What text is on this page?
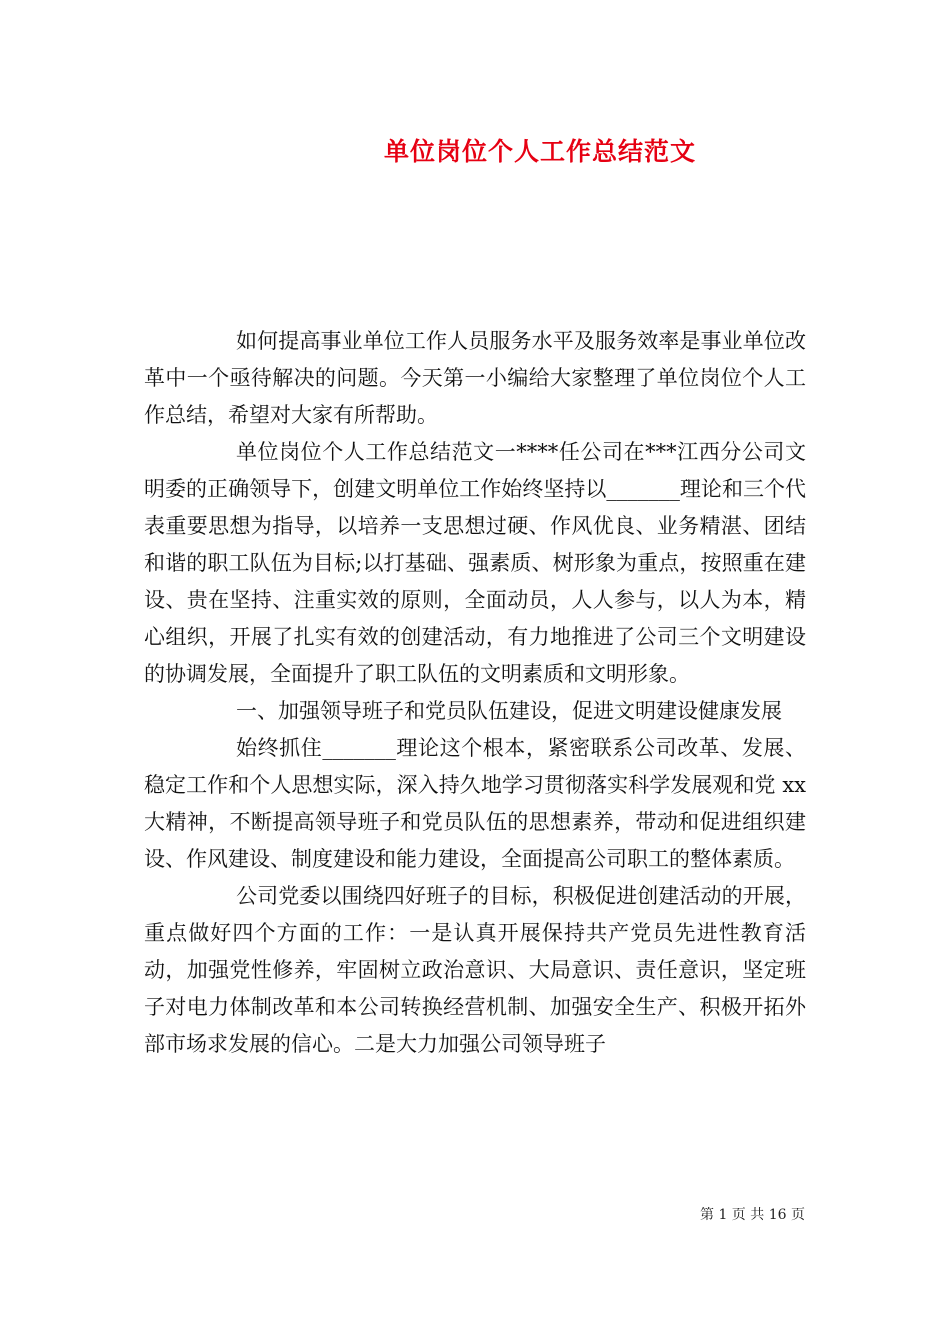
单位岗位个人工作总结范文

如何提高事业单位工作人员服务水平及服务效率是事业单位改革中一个亟待解决的问题。今天第一小编给大家整理了单位岗位个人工作总结，希望对大家有所帮助。

单位岗位个人工作总结范文一****任公司在***江西分公司文明委的正确领导下，创建文明单位工作始终坚持以_______理论和三个代表重要思想为指导，以培养一支思想过硬、作风优良、业务精湛、团结和谐的职工队伍为目标;以打基础、强素质、树形象为重点，按照重在建设、贵在坚持、注重实效的原则，全面动员，人人参与，以人为本，精心组织，开展了扎实有效的创建活动，有力地推进了公司三个文明建设的协调发展，全面提升了职工队伍的文明素质和文明形象。

一、加强领导班子和党员队伍建设，促进文明建设健康发展

始终抓住_______理论这个根本，紧密联系公司改革、发展、稳定工作和个人思想实际，深入持久地学习贯彻落实科学发展观和党 xx 大精神，不断提高领导班子和党员队伍的思想素养，带动和促进组织建设、作风建设、制度建设和能力建设，全面提高公司职工的整体素质。

公司党委以围绕四好班子的目标，积极促进创建活动的开展，重点做好四个方面的工作：一是认真开展保持共产党员先进性教育活动，加强党性修养，牢固树立政治意识、大局意识、责任意识，坚定班子对电力体制改革和本公司转换经营机制、加强安全生产、积极开拓外部市场求发展的信心。二是大力加强公司领导班子

第 1 页 共 16 页
